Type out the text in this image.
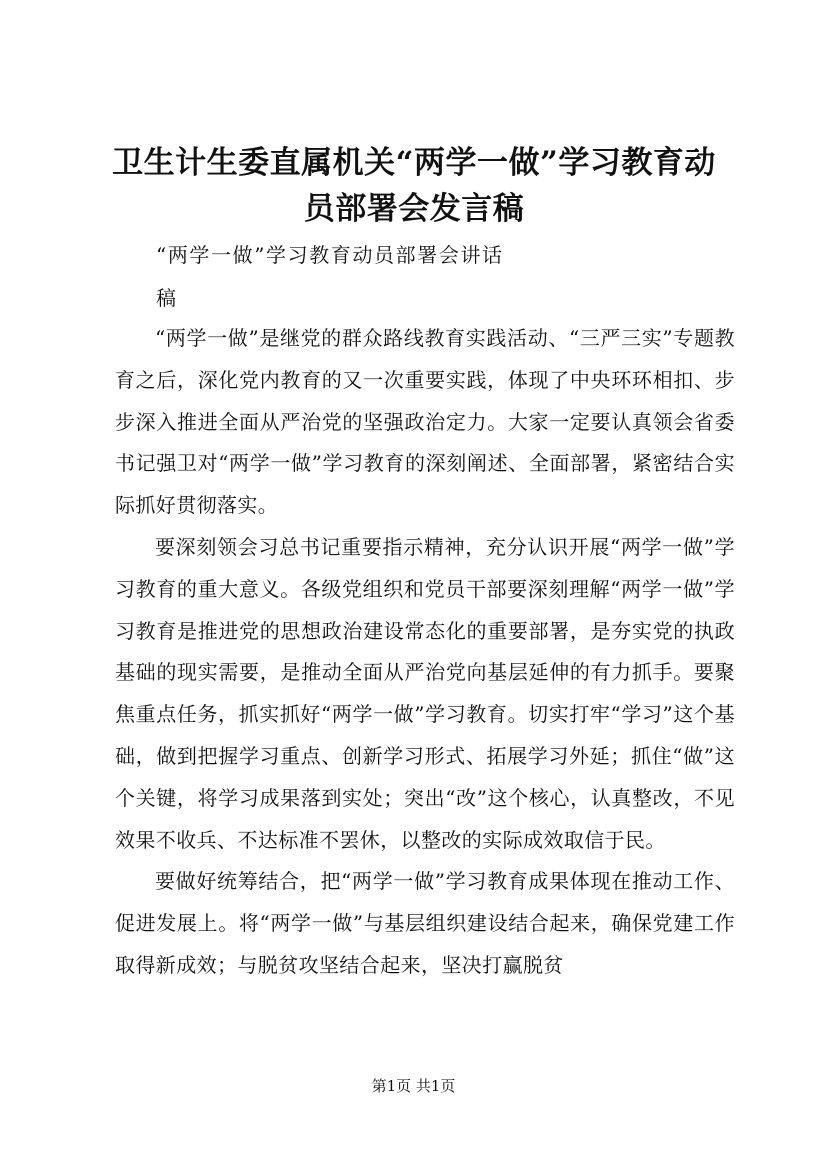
卫生计生委直属机关“两学一做”学习教育动员部署会发言稿
“两学一做”学习教育动员部署会讲话
稿

“两学一做”是继党的群众路线教育实践活动、“三严三实”专题教育之后，深化党内教育的又一次重要实践，体现了中央环环相扣、步步深入推进全面从严治党的坚强政治定力。大家一定要认真领会省委书记强卫对“两学一做”学习教育的深刻阐述、全面部署，紧密结合实际抓好贯彻落实。

要深刻领会习总书记重要指示精神，充分认识开展“两学一做”学习教育的重大意义。各级党组织和党员干部要深刻理解“两学一做”学习教育是推进党的思想政治建设常态化的重要部署，是夯实党的执政基础的现实需要，是推动全面从严治党向基层延伸的有力抓手。要聚焦重点任务，抓实抓好“两学一做”学习教育。切实打牢“学习”这个基础，做到把握学习重点、创新学习形式、拓展学习外延；抓住“做”这个关键，将学习成果落到实处；突出“改”这个核心，认真整改，不见效果不收兵、不达标准不罢休，以整改的实际成效取信于民。

要做好统筹结合，把“两学一做”学习教育成果体现在推动工作、促进发展上。将“两学一做”与基层组织建设结合起来，确保党建工作取得新成效；与脱贫攻坚结合起来，坚决打赢脱贫

第1页 共1页
